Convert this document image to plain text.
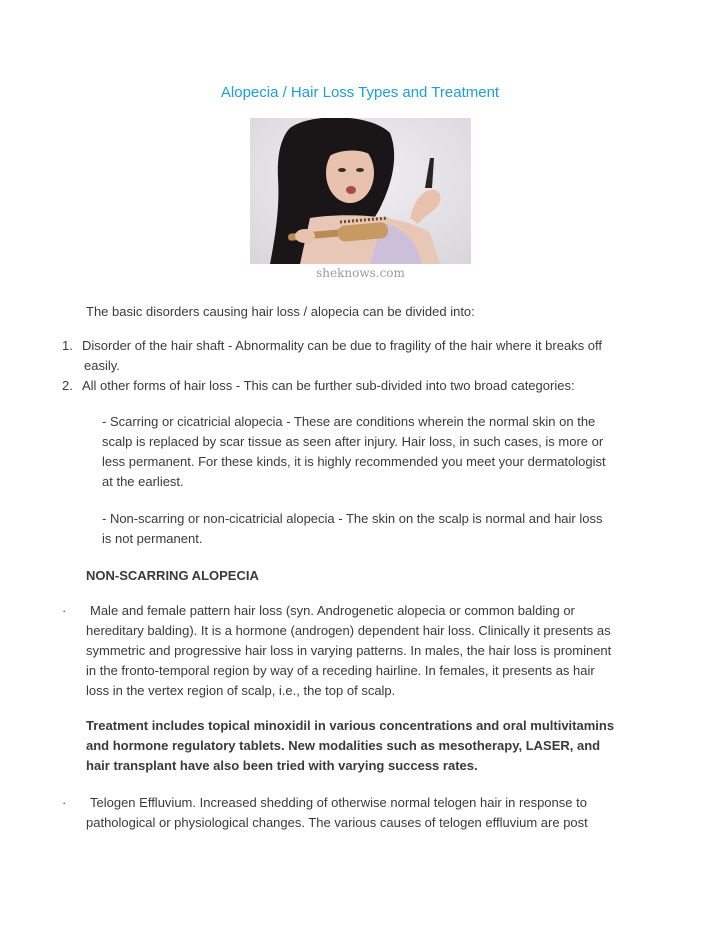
Alopecia / Hair Loss Types and Treatment
sheknows.com
The basic disorders causing hair loss / alopecia can be divided into:
1. Disorder of the hair shaft - Abnormality can be due to fragility of the hair where it breaks off
easily.
2. All other forms of hair loss - This can be further sub-divided into two broad categories:
- Scarring or cicatricial alopecia - These are conditions wherein the normal skin on the
scalp is replaced by scar tissue as seen after injury. Hair loss, in such cases, is more or
less permanent. For these kinds, it is highly recommended you meet your dermatologist
at the earliest.
- Non-scarring or non-cicatricial alopecia - The skin on the scalp is normal and hair loss
is not permanent.
NON-SCARRING ALOPECIA
·	Male and female pattern hair loss (syn. Androgenetic alopecia or common balding or
hereditary balding). It is a hormone (androgen) dependent hair loss. Clinically it presents as
symmetric and progressive hair loss in varying patterns. In males, the hair loss is prominent
in the fronto-temporal region by way of a receding hairline. In females, it presents as hair
loss in the vertex region of scalp, i.e., the top of scalp.
Treatment includes topical minoxidil in various concentrations and oral multivitamins
and hormone regulatory tablets. New modalities such as mesotherapy, LASER, and
hair transplant have also been tried with varying success rates.
·	Telogen Effluvium. Increased shedding of otherwise normal telogen hair in response to
pathological or physiological changes. The various causes of telogen effluvium are post
